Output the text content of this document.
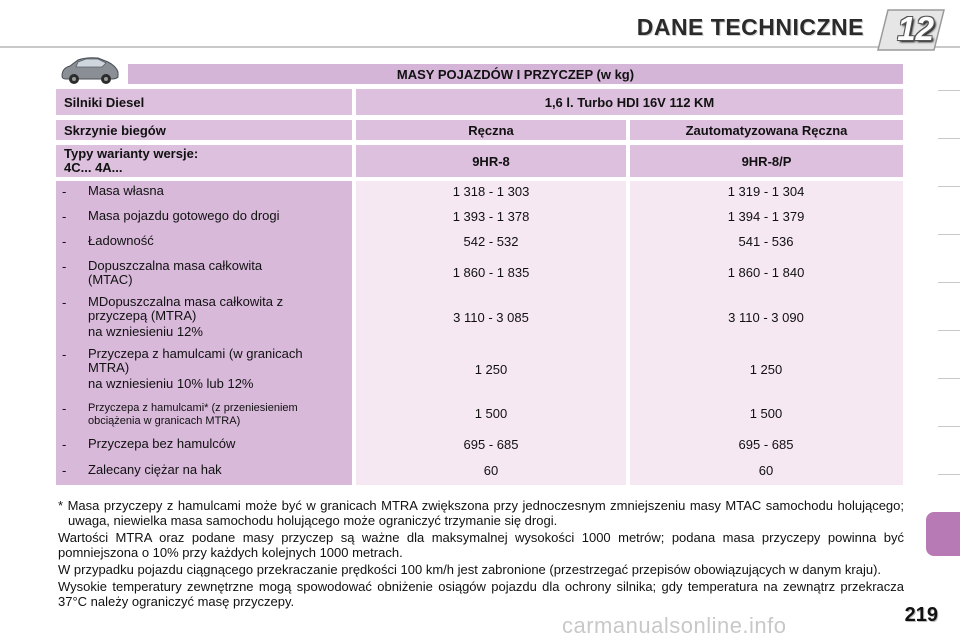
DANE TECHNICZNE 12
MASY POJAZDÓW I PRZYCZEP (w kg)
Silniki Diesel	1,6 l. Turbo HDI 16V 112 KM
Skrzynie biegów	Ręczna	Zautomatyzowana Ręczna
Typy warianty wersje:
4C... 4A...	9HR-8	9HR-8/P
- Masa własna	1 318 - 1 303	1 319 - 1 304
- Masa pojazdu gotowego do drogi	1 393 - 1 378	1 394 - 1 379
- Ładowność	542 - 532	541 - 536
- Dopuszczalna masa całkowita
(MTAC)	1 860 - 1 835	1 860 - 1 840
- MDopuszczalna masa całkowita z
przyczepą (MTRA)
na wzniesieniu 12%
3 110 - 3 085	3 110 - 3 090
- Przyczepa z hamulcami (w granicach
MTRA)
na wzniesieniu 10% lub 12%
1 250	1 250
- Przyczepa z hamulcami* (z przeniesieniem
obciążenia w granicach MTRA)	1 500	1 500
- Przyczepa bez hamulców	695 - 685	695 - 685
- Zalecany ciężar na hak	60	60

* Masa przyczepy z hamulcami może być w granicach MTRA zwiększona przy jednoczesnym zmniejszeniu masy MTAC samochodu holującego; uwaga, niewielka masa samochodu holującego może ograniczyć trzymanie się drogi.

Wartości MTRA oraz podane masy przyczep są ważne dla maksymalnej wysokości 1000 metrów; podana masa przyczepy powinna być pomniejszona o 10% przy każdych kolejnych 1000 metrach.

W przypadku pojazdu ciągnącego przekraczanie prędkości 100 km/h jest zabronione (przestrzegać przepisów obowiązujących w danym kraju).

Wysokie temperatury zewnętrzne mogą spowodować obniżenie osiągów pojazdu dla ochrony silnika; gdy temperatura na zewnątrz przekracza 37°C należy ograniczyć masę przyczepy.

219
carmanualsonline.info
